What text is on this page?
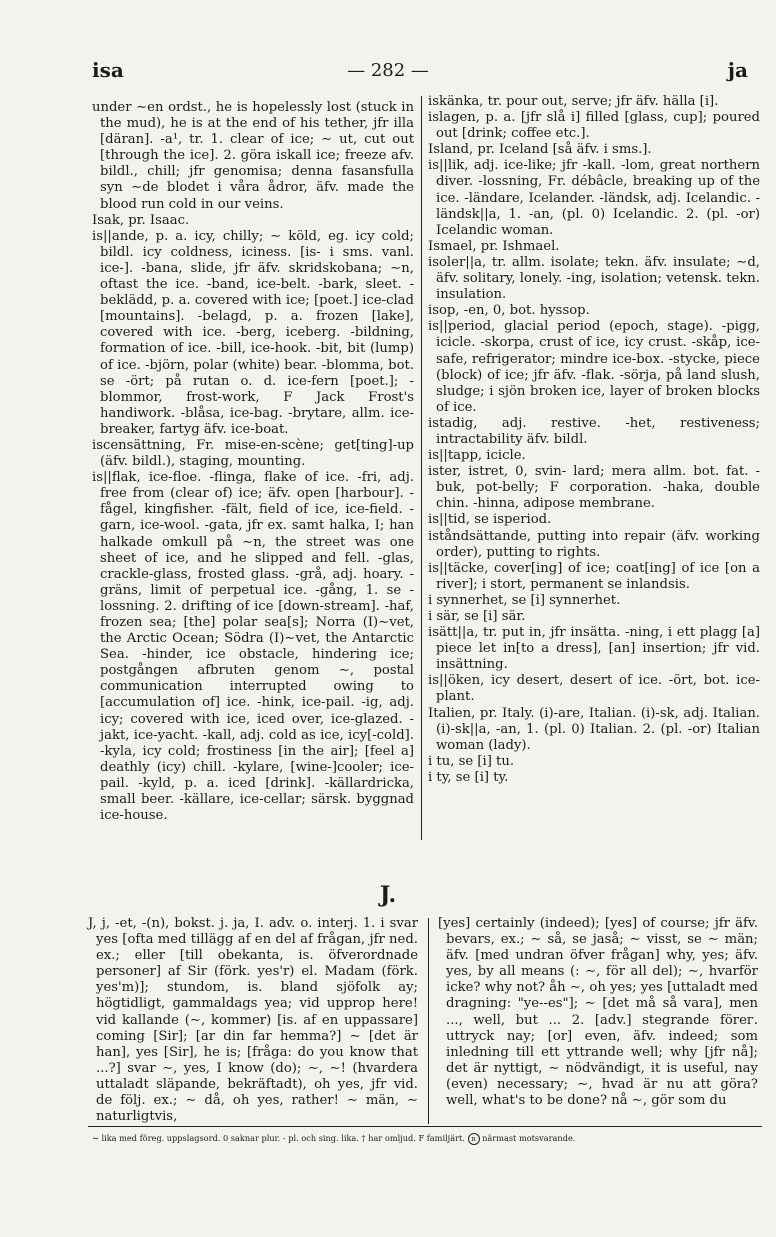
isa	— 282 —	ja

under ∼en ordst., he is hopelessly lost (stuck in the mud), he is at the end of his tether, jfr illa [däran]. -a¹, tr. 1. clear of ice; ∼ ut, cut out [through the ice]. 2. göra iskall ice; freeze afv. bildl., chill; jfr genomisa; denna fasansfulla syn ∼de blodet i våra ådror, äfv. made the blood run cold in our veins.

Isak, pr. Isaac.

is||ande, p. a. icy, chilly; ∼ köld, eg. icy cold; bildl. icy coldness, iciness. [is- i sms. vanl. ice-]. -bana, slide, jfr äfv. skridskobana; ∼n, oftast the ice. -band, ice-belt. -bark, sleet. -beklädd, p. a. covered with ice; [poet.] ice-clad [mountains]. -belagd, p. a. frozen [lake], covered with ice. -berg, iceberg. -bildning, formation of ice. -bill, ice-hook. -bit, bit (lump) of ice. -björn, polar (white) bear. -blomma, bot. se -ört; på rutan o. d. ice-fern [poet.]; -blommor, frost-work, F Jack Frost's handiwork. -blåsa, ice-bag. -brytare, allm. ice-breaker, fartyg äfv. ice-boat.

iscensättning, Fr. mise-en-scène; get[ting]-up (äfv. bildl.), staging, mounting.

is||flak, ice-floe. -flinga, flake of ice. -fri, adj. free from (clear of) ice; äfv. open [harbour]. -fågel, kingfisher. -fält, field of ice, ice-field. -garn, ice-wool. -gata, jfr ex. samt halka, I; han halkade omkull på ∼n, the street was one sheet of ice, and he slipped and fell. -glas, crackle-glass, frosted glass. -grå, adj. hoary. -gräns, limit of perpetual ice. -gång, 1. se -lossning. 2. drifting of ice [down-stream]. -haf, frozen sea; [the] polar sea[s]; Norra (I)∼vet, the Arctic Ocean; Södra (I)∼vet, the Antarctic Sea. -hinder, ice obstacle, hindering ice; postgången afbruten genom ∼, postal communication interrupted owing to [accumulation of] ice. -hink, ice-pail. -ig, adj. icy; covered with ice, iced over, ice-glazed. -jakt, ice-yacht. -kall, adj. cold as ice, icy[-cold]. -kyla, icy cold; frostiness [in the air]; [feel a] deathly (icy) chill. -kylare, [wine-]cooler; ice-pail. -kyld, p. a. iced [drink]. -källardricka, small beer. -källare, ice-cellar; särsk. byggnad ice-house.

iskänka, tr. pour out, serve; jfr äfv. hälla [i].

islagen, p. a. [jfr slå i] filled [glass, cup]; poured out [drink; coffee etc.].

Island, pr. Iceland [så äfv. i sms.].

is||lik, adj. ice-like; jfr -kall. -lom, great northern diver. -lossning, Fr. débâcle, breaking up of the ice. -ländare, Icelander. -ländsk, adj. Icelandic. -ländsk||a, 1. -an, (pl. 0) Icelandic. 2. (pl. -or) Icelandic woman.

Ismael, pr. Ishmael.

isoler||a, tr. allm. isolate; tekn. äfv. insulate; ∼d, äfv. solitary, lonely. -ing, isolation; vetensk. tekn. insulation.

isop, -en, 0, bot. hyssop.

is||period, glacial period (epoch, stage). -pigg, icicle. -skorpa, crust of ice, icy crust. -skåp, ice-safe, refrigerator; mindre ice-box. -stycke, piece (block) of ice; jfr äfv. -flak. -sörja, på land slush, sludge; i sjön broken ice, layer of broken blocks of ice.

istadig, adj. restive. -het, restiveness; intractability äfv. bildl.

is||tapp, icicle.

ister, istret, 0, svin- lard; mera allm. bot. fat. -buk, pot-belly; F corporation. -haka, double chin. -hinna, adipose membrane.

is||tid, se isperiod.

iståndsättande, putting into repair (äfv. working order), putting to rights.

is||täcke, cover[ing] of ice; coat[ing] of ice [on a river]; i stort, permanent se inlandsis.

i synnerhet, se [i] synnerhet.

i sär, se [i] sär.

isätt||a, tr. put in, jfr insätta. -ning, i ett plagg [a] piece let in[to a dress], [an] insertion; jfr vid. insättning.

is||öken, icy desert, desert of ice. -ört, bot. ice-plant.

Italien, pr. Italy. (i)-are, Italian. (i)-sk, adj. Italian. (i)-sk||a, -an, 1. (pl. 0) Italian. 2. (pl. -or) Italian woman (lady).

i tu, se [i] tu.

i ty, se [i] ty.

J.

J, j, -et, -(n), bokst. j. ja, I. adv. o. interj. 1. i svar yes [ofta med tillägg af en del af frågan, jfr ned. ex.; eller [till obekanta, is. öfverordnade personer] af Sir (förk. yes'r) el. Madam (förk. yes'm)]; stundom, is. bland sjöfolk ay; högtidligt, gammaldags yea; vid upprop here! vid kallande (∼, kommer) [is. af en uppassare] coming [Sir]; [ar din far hemma?] ∼ [det är han], yes [Sir], he is; [fråga: do you know that ...?] svar ∼, yes, I know (do); ∼, ∼! (hvardera uttaladt släpande, bekräftadt), oh yes, jfr vid. de följ. ex.; ∼ då, oh yes, rather! ∼ män, ∼ naturligtvis,

[yes] certainly (indeed); [yes] of course; jfr äfv. bevars, ex.; ∼ så, se jaså; ∼ visst, se ∼ män; äfv. [med undran öfver frågan] why, yes; äfv. yes, by all means (: ∼, för all del); ∼, hvarför icke? why not? åh ∼, oh yes; yes [uttaladt med dragning: "ye--es"]; ∼ [det må så vara], men ..., well, but ... 2. [adv.] stegrande förег. uttryck nay; [or] even, äfv. indeed; som inledning till ett yttrande well; why [jfr nå]; det är nyttigt, ∼ nödvändigt, it is useful, nay (even) necessary; ∼, hvad är nu att göra? well, what's to be done? nå ∼, gör som du

∼ lika med föreg. uppslagsord. 0 saknar plur. - pl. och sing. lika. † har omljud. F familjärt. n närmast motsvarande.
